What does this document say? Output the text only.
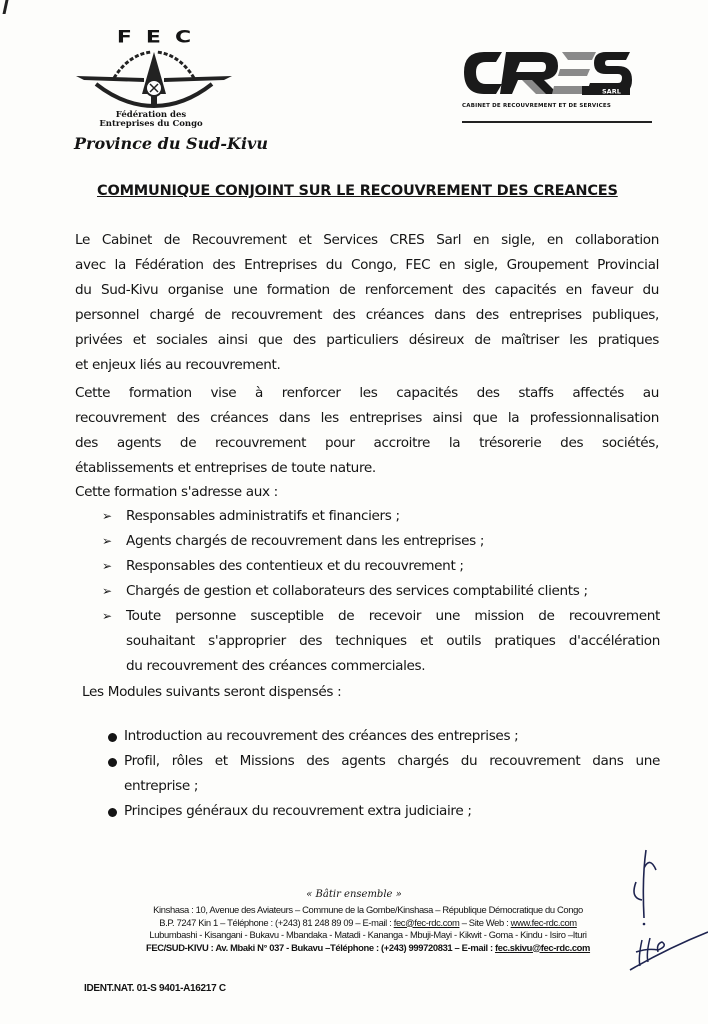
FEC
Fédération des
Entreprises du Congo
Province du Sud-Kivu
SARL
CABINET DE RECOUVREMENT ET DE SERVICES
COMMUNIQUE CONJOINT SUR LE RECOUVREMENT DES CREANCES
Le Cabinet de Recouvrement et Services CRES Sarl en sigle, en collaboration
avec la Fédération des Entreprises du Congo, FEC en sigle, Groupement Provincial
du Sud-Kivu organise une formation de renforcement des capacités en faveur du
personnel chargé de recouvrement des créances dans des entreprises publiques,
privées et sociales ainsi que des particuliers désireux de maîtriser les pratiques
et enjeux liés au recouvrement.
Cette formation vise à renforcer les capacités des staffs affectés au
recouvrement des créances dans les entreprises ainsi que la professionnalisation
des agents de recouvrement pour accroitre la trésorerie des sociétés,
établissements et entreprises de toute nature.
Cette formation s'adresse aux :
➢ Responsables administratifs et financiers ;
➢ Agents chargés de recouvrement dans les entreprises ;
➢ Responsables des contentieux et du recouvrement ;
➢ Chargés de gestion et collaborateurs des services comptabilité clients ;
➢ Toute personne susceptible de recevoir une mission de recouvrement
souhaitant s'approprier des techniques et outils pratiques d'accélération
du recouvrement des créances commerciales.
Les Modules suivants seront dispensés :
Introduction au recouvrement des créances des entreprises ;
Profil, rôles et Missions des agents chargés du recouvrement dans une
entreprise ;
Principes généraux du recouvrement extra judiciaire ;
« Bâtir ensemble »
Kinshasa : 10, Avenue des Aviateurs – Commune de la Gombe/Kinshasa – République Démocratique du Congo
B.P. 7247 Kin 1 – Téléphone : (+243) 81 248 89 09 – E-mail : fec@fec-rdc.com – Site Web : www.fec-rdc.com
Lubumbashi - Kisangani - Bukavu - Mbandaka - Matadi - Kananga - Mbuji-Mayi - Kikwit - Goma - Kindu - Isiro –Ituri
FEC/SUD-KIVU : Av. Mbaki N° 037 - Bukavu –Téléphone : (+243) 999720831 – E-mail : fec.skivu@fec-rdc.com
IDENT.NAT. 01-S 9401-A16217 C
